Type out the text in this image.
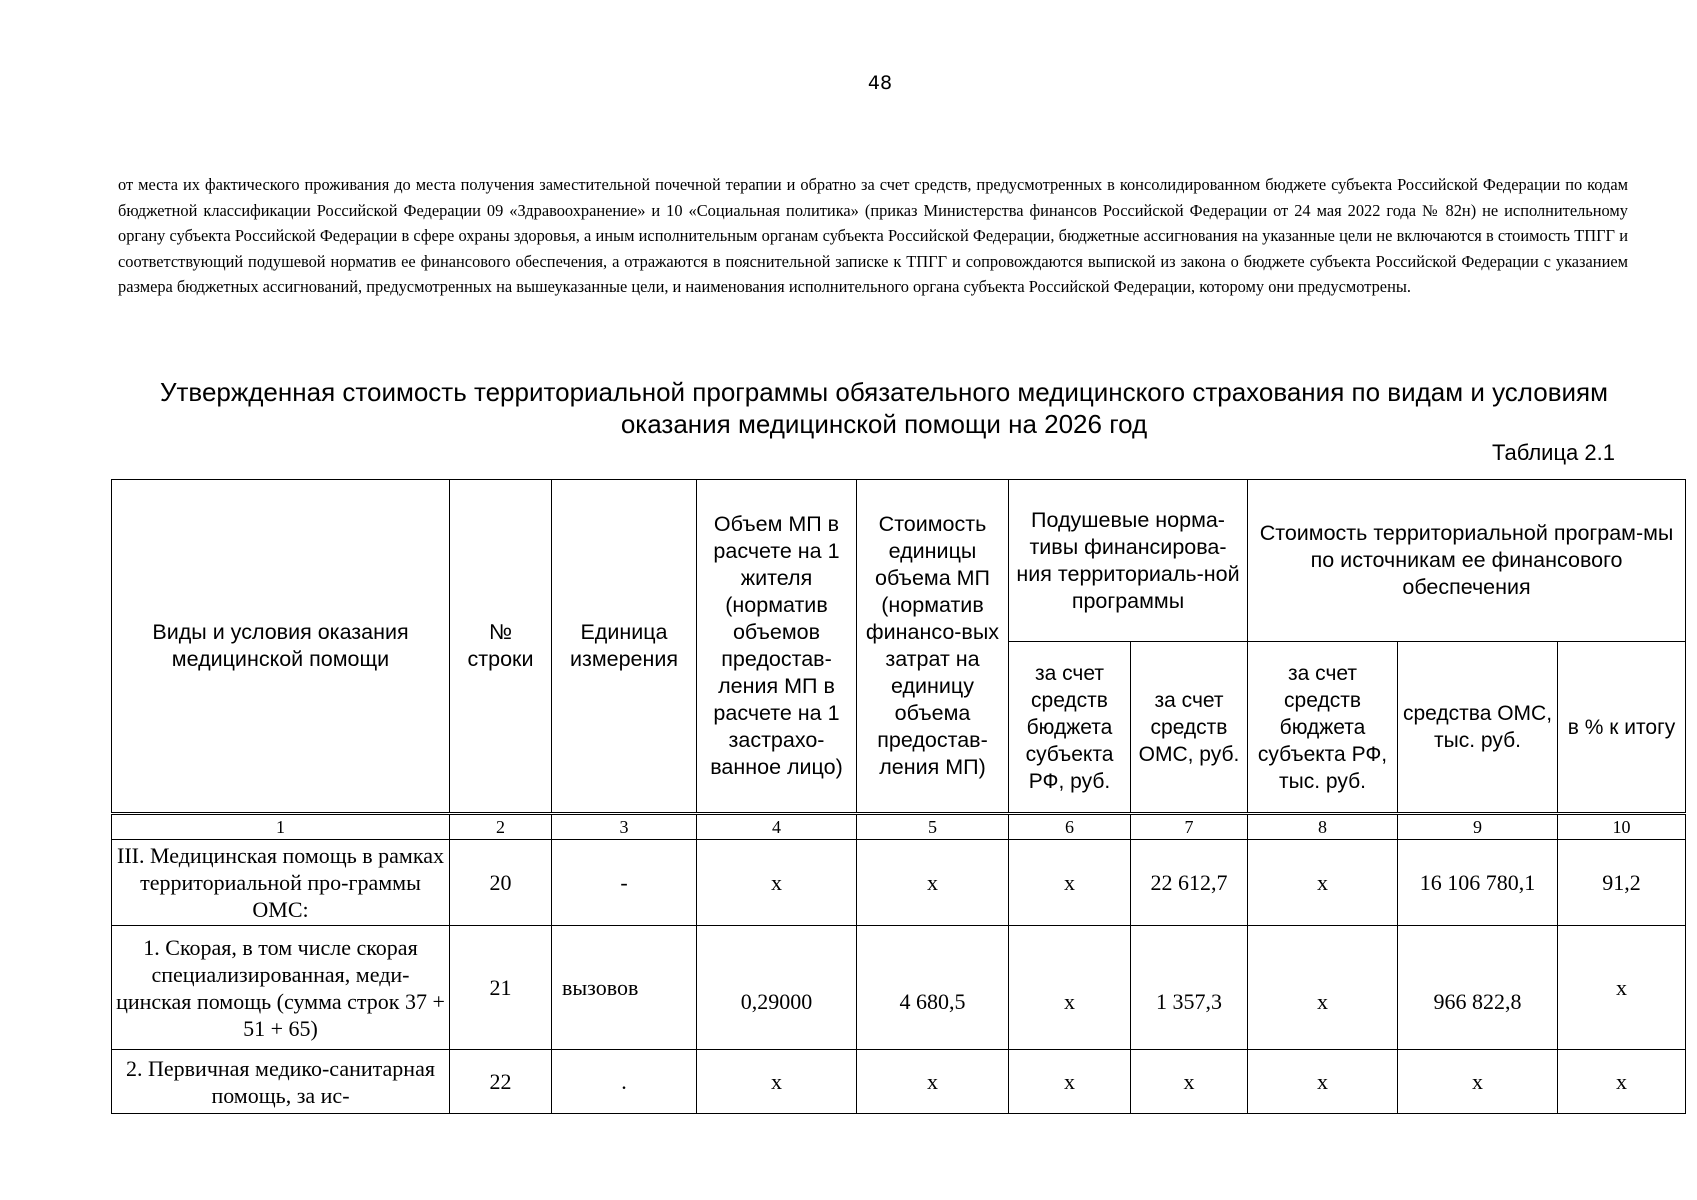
48

от места их фактического проживания до места получения заместительной почечной терапии и обратно за счет средств, предусмотренных в консолидированном бюджете субъекта Российской Федерации по кодам бюджетной классификации Российской Федерации 09 «Здравоохранение» и 10 «Социальная политика» (приказ Министерства финансов Российской Федерации от 24 мая 2022 года № 82н) не исполнительному органу субъекта Российской Федерации в сфере охраны здоровья, а иным исполнительным органам субъекта Российской Федерации, бюджетные ассигнования на указанные цели не включаются в стоимость ТПГГ и соответствующий подушевой норматив ее финансового обеспечения, а отражаются в пояснительной записке к ТПГГ и сопровождаются выпиской из закона о бюджете субъекта Российской Федерации с указанием размера бюджетных ассигнований, предусмотренных на вышеуказанные цели, и наименования исполнительного органа субъекта Российской Федерации, которому они предусмотрены.

Утвержденная стоимость территориальной программы обязательного медицинского страхования по видам и условиям оказания медицинской помощи на 2026 год
Таблица 2.1
Виды и условия оказания медицинской помощи	№ строки	Единица измерения	Объем МП в расчете на 1 жителя (норматив объемов предостав-ления МП в расчете на 1 застрахо-ванное лицо)	Стоимость единицы объема МП (норматив финансо-вых затрат на единицу объема предостав-ления МП)	Подушевые норма-тивы финансирова-ния территориаль-ной программы		Стоимость территориальной програм-мы по источникам ее финансового обеспечения		
					за счет средств бюджета субъекта РФ, руб.	за счет средств ОМС, руб.	за счет средств бюджета субъекта РФ, тыс. руб.	средства ОМС, тыс. руб.	в % к итогу
1	2	3	4	5	6	7	8	9	10
III. Медицинская помощь в рамках территориальной про-граммы ОМС:	20	-	х	х	х	22 612,7	х	16 106 780,1	91,2
1. Скорая, в том числе скорая специализированная, меди-цинская помощь (сумма строк 37 + 51 + 65)	21	вызовов	0,29000	4 680,5	х	1 357,3	х	966 822,8	х
2. Первичная медико-санитарная помощь, за ис-	22	.	х	х	х	х	х	х	х
